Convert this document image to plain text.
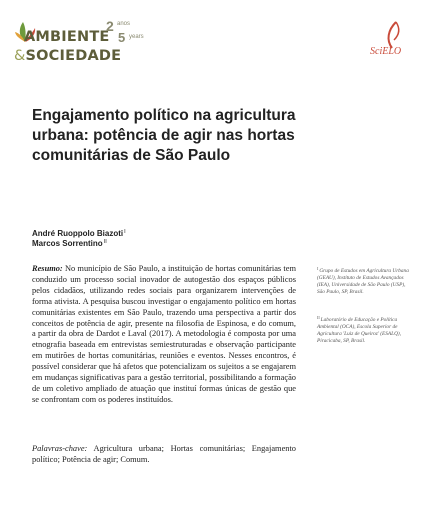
AMBIENTE
&SOCIEDADE
2 anos
5 years
SciELO
Engajamento político na agricultura urbana: potência de agir nas hortas comunitárias de São Paulo
André Ruoppolo Biazoti$^I$
Marcos Sorrentino$^{II}$

Resumo: No município de São Paulo, a instituição de hortas comunitárias tem conduzido um processo social inovador de autogestão dos espaços públicos pelos cidadãos, utilizando redes sociais para organizarem intervenções de forma ativista. A pesquisa buscou investigar o engajamento político em hortas comunitárias existentes em São Paulo, trazendo uma perspectiva a partir dos conceitos de potência de agir, presente na filosofia de Espinosa, e do comum, a partir da obra de Dardot e Laval (2017). A metodologia é composta por uma etnografia baseada em entrevistas semiestruturadas e observação participante em mutirões de hortas comunitárias, reuniões e eventos. Nesses encontros, é possível considerar que há afetos que potencializam os sujeitos a se engajarem em mudanças significativas para a gestão territorial, possibilitando a formação de um coletivo ampliado de atuação que instituí formas únicas de gestão que se confrontam com os poderes instituídos.

Palavras-chave: Agricultura urbana; Hortas comunitárias; Engajamento político; Potência de agir; Comum.

$^I$Grupo de Estudos em Agricultura Urbana (GEAU), Instituto de Estudos Avançados (IEA), Universidade de São Paulo (USP), São Paulo, SP, Brasil.
$^{II}$Laboratório de Educação e Política Ambiental (OCA), Escola Superior de Agricultura 'Luiz de Queiroz' (ESALQ), Piracicaba, SP, Brasil.
